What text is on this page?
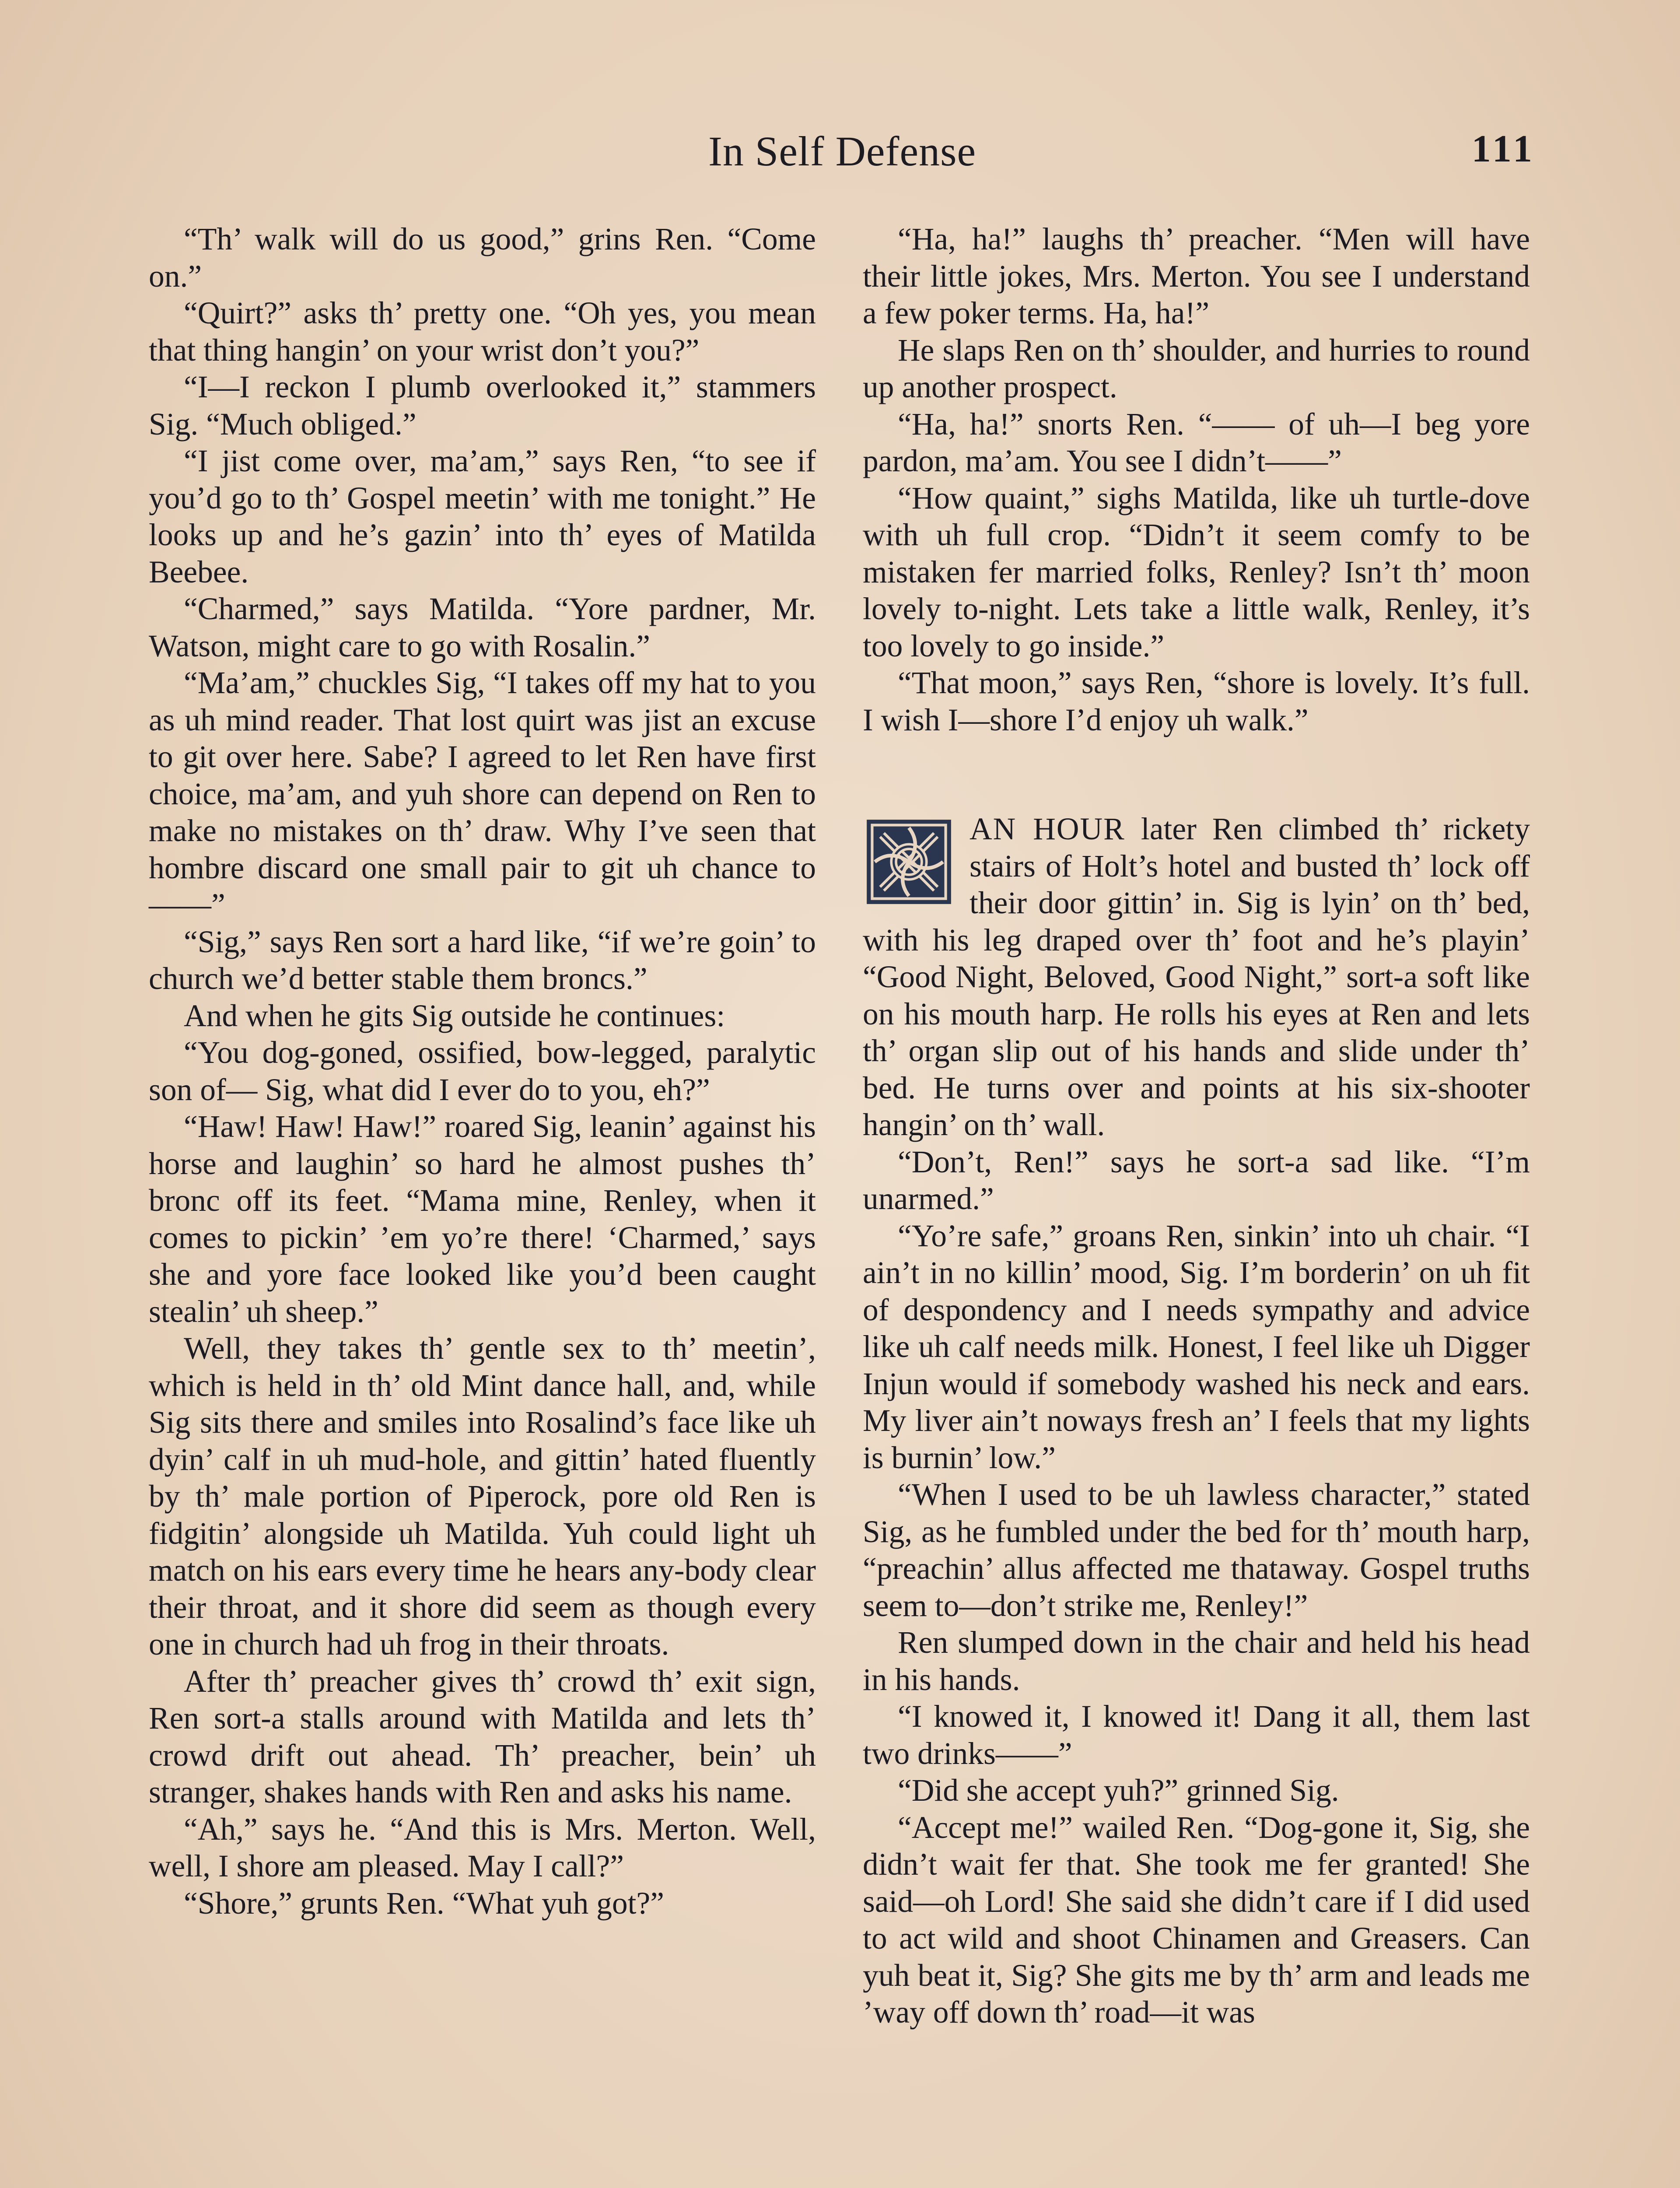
In Self Defense	111

“Th’ walk will do us good,” grins Ren. “Come on.”

“Quirt?” asks th’ pretty one. “Oh yes, you mean that thing hangin’ on your wrist don’t you?”

“I—I reckon I plumb overlooked it,” stammers Sig. “Much obliged.”

“I jist come over, ma’am,” says Ren, “to see if you’d go to th’ Gospel meetin’ with me tonight.” He looks up and he’s gazin’ into th’ eyes of Matilda Beebee.

“Charmed,” says Matilda. “Yore pardner, Mr. Watson, might care to go with Rosalin.”

“Ma’am,” chuckles Sig, “I takes off my hat to you as uh mind reader. That lost quirt was jist an excuse to git over here. Sabe? I agreed to let Ren have first choice, ma’am, and yuh shore can depend on Ren to make no mistakes on th’ draw. Why I’ve seen that hombre discard one small pair to git uh chance to——”

“Sig,” says Ren sort a hard like, “if we’re goin’ to church we’d better stable them broncs.”

And when he gits Sig outside he continues:

“You dog-goned, ossified, bow-legged, paralytic son of— Sig, what did I ever do to you, eh?”

“Haw! Haw! Haw!” roared Sig, leanin’ against his horse and laughin’ so hard he almost pushes th’ bronc off its feet. “Mama mine, Renley, when it comes to pickin’ ’em yo’re there! ‘Charmed,’ says she and yore face looked like you’d been caught stealin’ uh sheep.”

Well, they takes th’ gentle sex to th’ meetin’, which is held in th’ old Mint dance hall, and, while Sig sits there and smiles into Rosalind’s face like uh dyin’ calf in uh mud-hole, and gittin’ hated fluently by th’ male portion of Piperock, pore old Ren is fidgitin’ alongside uh Matilda. Yuh could light uh match on his ears every time he hears any-body clear their throat, and it shore did seem as though every one in church had uh frog in their throats.

After th’ preacher gives th’ crowd th’ exit sign, Ren sort-a stalls around with Matilda and lets th’ crowd drift out ahead. Th’ preacher, bein’ uh stranger, shakes hands with Ren and asks his name.

“Ah,” says he. “And this is Mrs. Merton. Well, well, I shore am pleased. May I call?”

“Shore,” grunts Ren. “What yuh got?”

“Ha, ha!” laughs th’ preacher. “Men will have their little jokes, Mrs. Merton. You see I understand a few poker terms. Ha, ha!”

He slaps Ren on th’ shoulder, and hurries to round up another prospect.

“Ha, ha!” snorts Ren. “—— of uh—I beg yore pardon, ma’am. You see I didn’t——”

“How quaint,” sighs Matilda, like uh turtle-dove with uh full crop. “Didn’t it seem comfy to be mistaken fer married folks, Renley? Isn’t th’ moon lovely to-night. Lets take a little walk, Renley, it’s too lovely to go inside.”

“That moon,” says Ren, “shore is lovely. It’s full. I wish I—shore I’d enjoy uh walk.”

AN HOUR later Ren climbed th’ rickety stairs of Holt’s hotel and busted th’ lock off their door gittin’ in. Sig is lyin’ on th’ bed, with his leg draped over th’ foot and he’s playin’ “Good Night, Beloved, Good Night,” sort-a soft like on his mouth harp. He rolls his eyes at Ren and lets th’ organ slip out of his hands and slide under th’ bed. He turns over and points at his six-shooter hangin’ on th’ wall.

“Don’t, Ren!” says he sort-a sad like. “I’m unarmed.”

“Yo’re safe,” groans Ren, sinkin’ into uh chair. “I ain’t in no killin’ mood, Sig. I’m borderin’ on uh fit of despondency and I needs sympathy and advice like uh calf needs milk. Honest, I feel like uh Digger Injun would if somebody washed his neck and ears. My liver ain’t noways fresh an’ I feels that my lights is burnin’ low.”

“When I used to be uh lawless character,” stated Sig, as he fumbled under the bed for th’ mouth harp, “preachin’ allus affected me thataway. Gospel truths seem to—don’t strike me, Renley!”

Ren slumped down in the chair and held his head in his hands.

“I knowed it, I knowed it! Dang it all, them last two drinks——”

“Did she accept yuh?” grinned Sig.

“Accept me!” wailed Ren. “Dog-gone it, Sig, she didn’t wait fer that. She took me fer granted! She said—oh Lord! She said she didn’t care if I did used to act wild and shoot Chinamen and Greasers. Can yuh beat it, Sig? She gits me by th’ arm and leads me ’way off down th’ road—it was
